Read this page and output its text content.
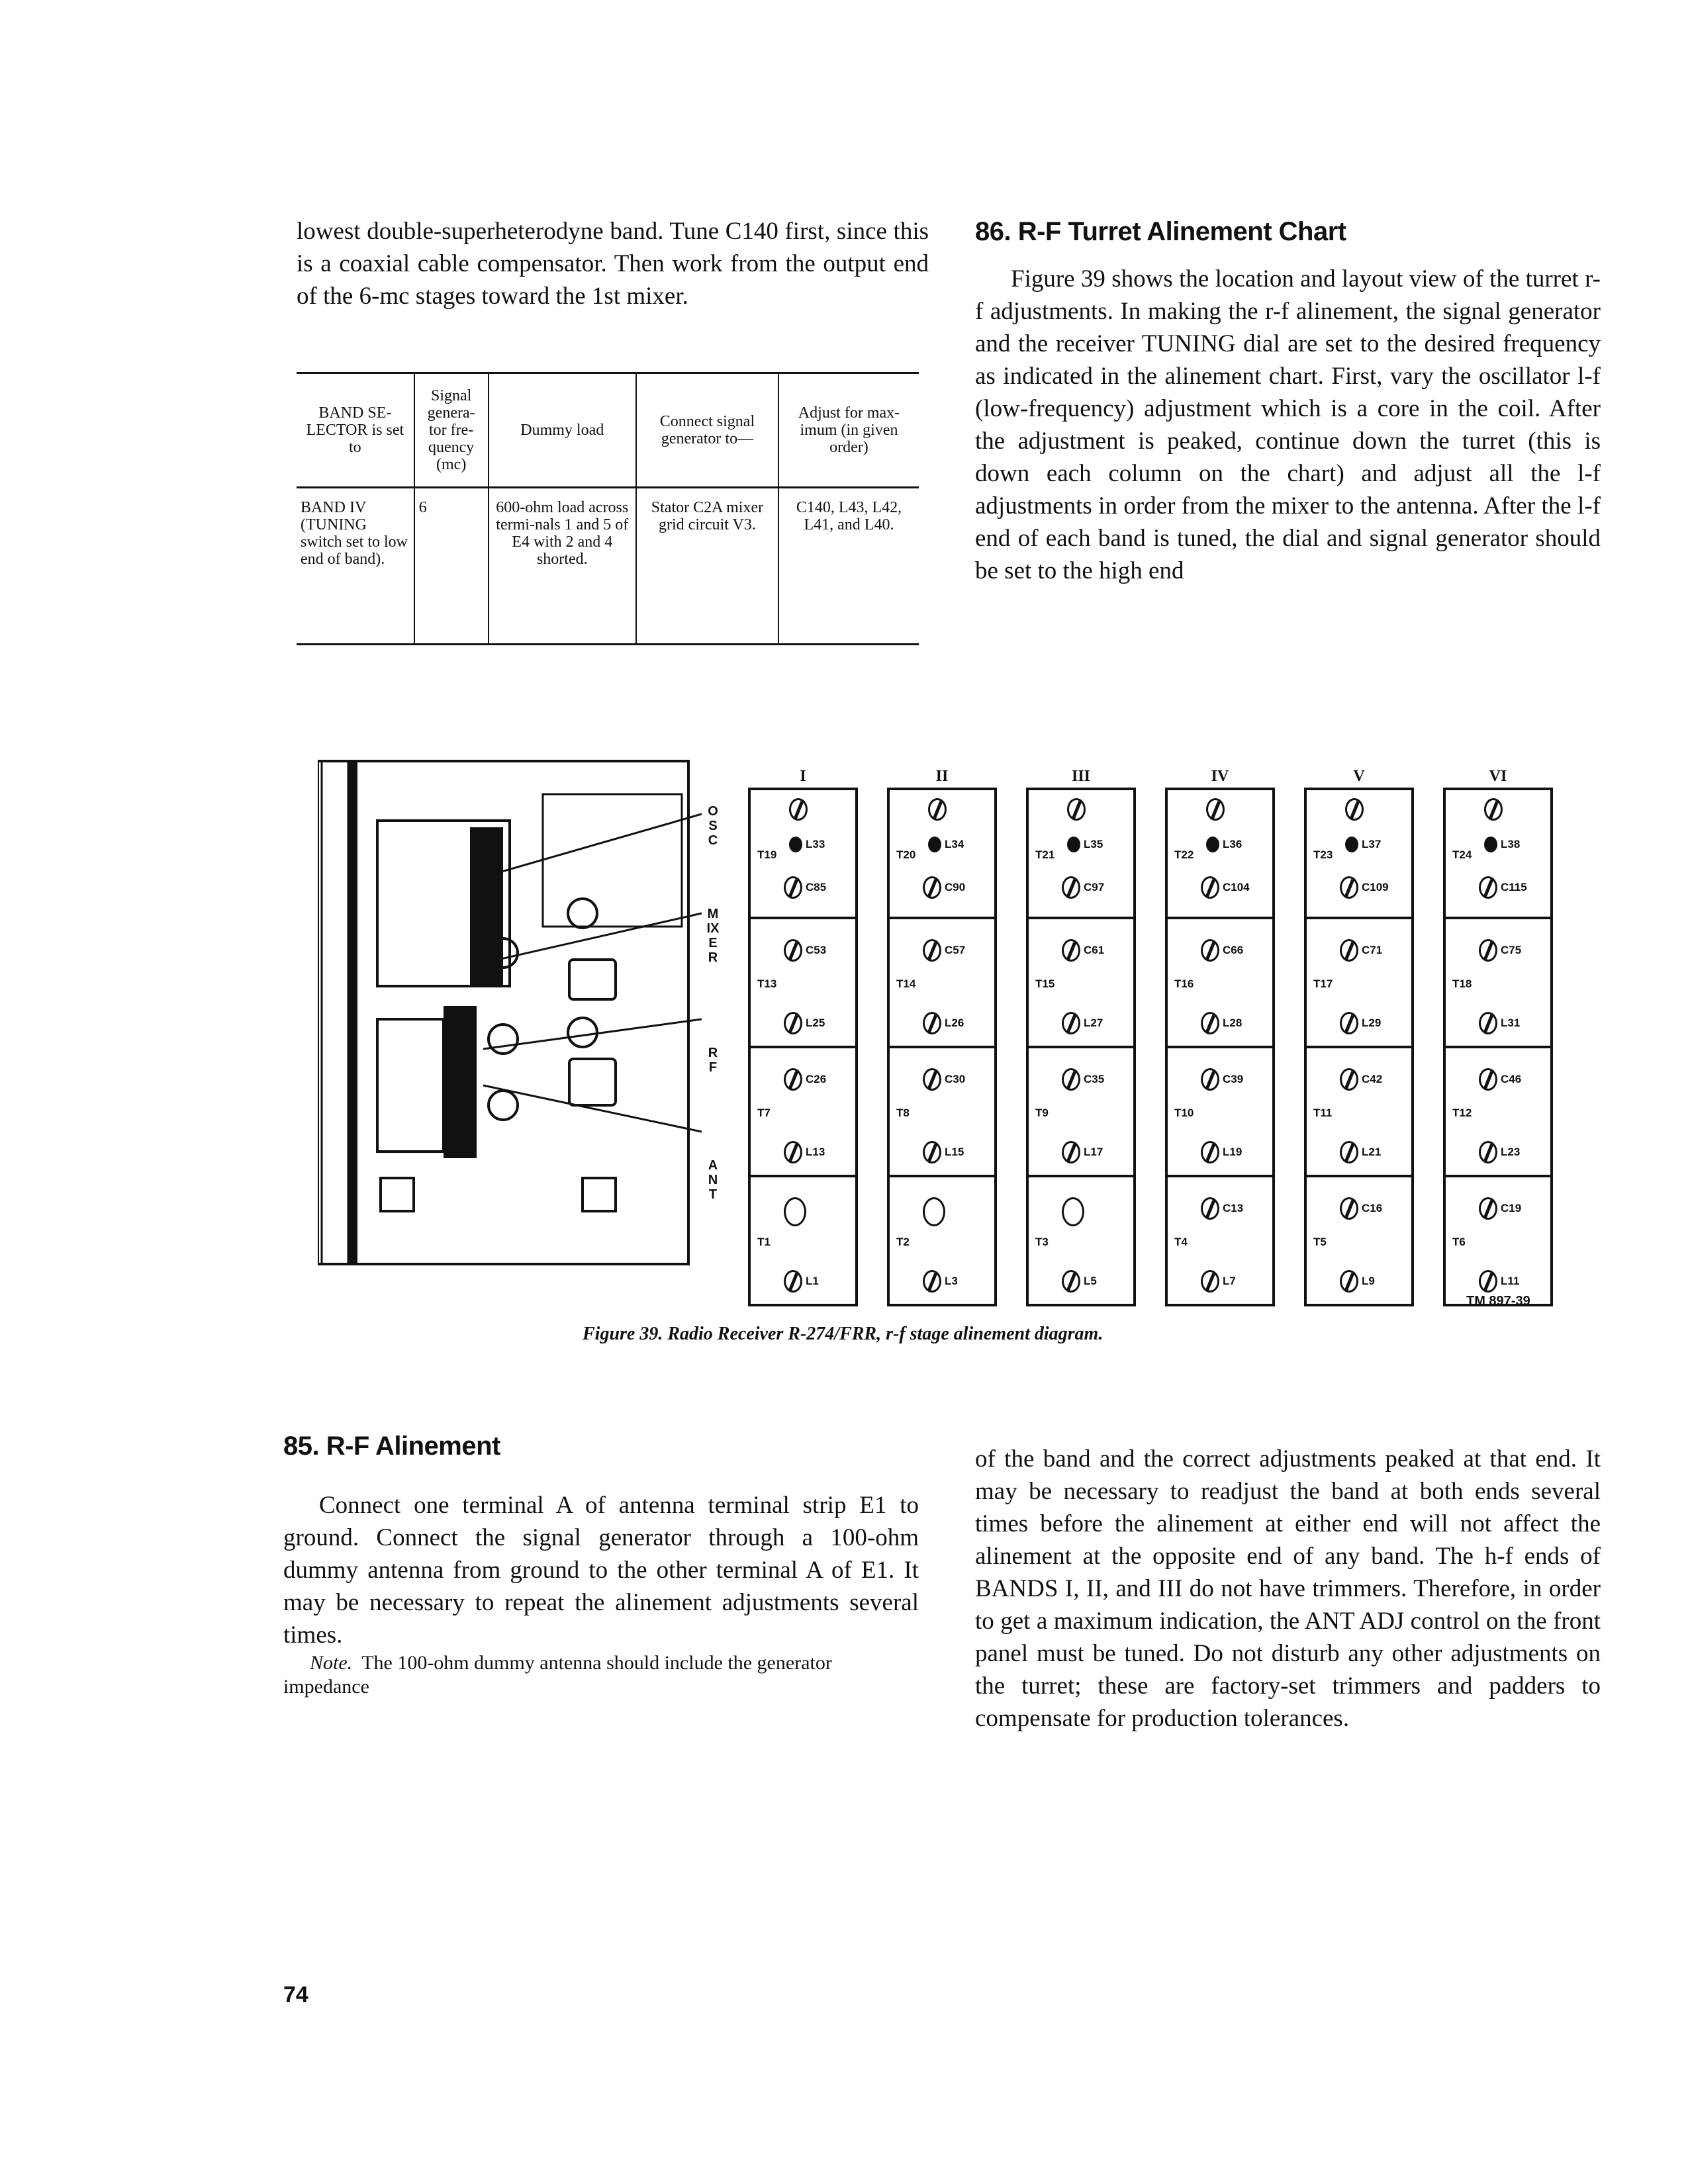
lowest double-superheterodyne band. Tune C140 first, since this is a coaxial cable compensator. Then work from the output end of the 6-mc stages toward the 1st mixer.

BAND SE-LECTOR is set to	Signal genera-tor fre-quency (mc)	Dummy load	Connect signal generator to—	Adjust for max-imum (in given order)
BAND IV (TUNING switch set to low end of band).	6	600-ohm load across termi-nals 1 and 5 of E4 with 2 and 4 shorted.	Stator C2A mixer grid circuit V3.	C140, L43, L42, L41, and L40.
86. R-F Turret Alinement Chart

Figure 39 shows the location and layout view of the turret r-f adjustments. In making the r-f alinement, the signal generator and the receiver TUNING dial are set to the desired frequency as indicated in the alinement chart. First, vary the oscillator l-f (low-frequency) adjustment which is a core in the coil. After the adjustment is peaked, continue down the turret (this is down each column on the chart) and adjust all the l-f adjustments in order from the mixer to the antenna. After the l-f end of each band is tuned, the dial and signal generator should be set to the high end

OSC
MIXER
RF
ANT
I
T19
L33
C85
T13
C53
L25
T7
C26
L13
T1
L1
II
T20
L34
C90
T14
C57
L26
T8
C30
L15
T2
L3
III
T21
L35
C97
T15
C61
L27
T9
C35
L17
T3
L5
IV
T22
L36
C104
T16
C66
L28
T10
C39
L19
T4
C13
L7
V
T23
L37
C109
T17
C71
L29
T11
C42
L21
T5
C16
L9
VI
T24
L38
C115
T18
C75
L31
T12
C46
L23
T6
C19
L11
TM 897-39
Figure 39. Radio Receiver R-274/FRR, r-f stage alinement diagram.
85. R-F Alinement

Connect one terminal A of antenna terminal strip E1 to ground. Connect the signal generator through a 100-ohm dummy antenna from ground to the other terminal A of E1. It may be necessary to repeat the alinement adjustments several times.

Note. The 100-ohm dummy antenna should include the generator impedance

of the band and the correct adjustments peaked at that end. It may be necessary to readjust the band at both ends several times before the alinement at either end will not affect the alinement at the opposite end of any band. The h-f ends of BANDS I, II, and III do not have trimmers. Therefore, in order to get a maximum indication, the ANT ADJ control on the front panel must be tuned. Do not disturb any other adjustments on the turret; these are factory-set trimmers and padders to compensate for production tolerances.

74
